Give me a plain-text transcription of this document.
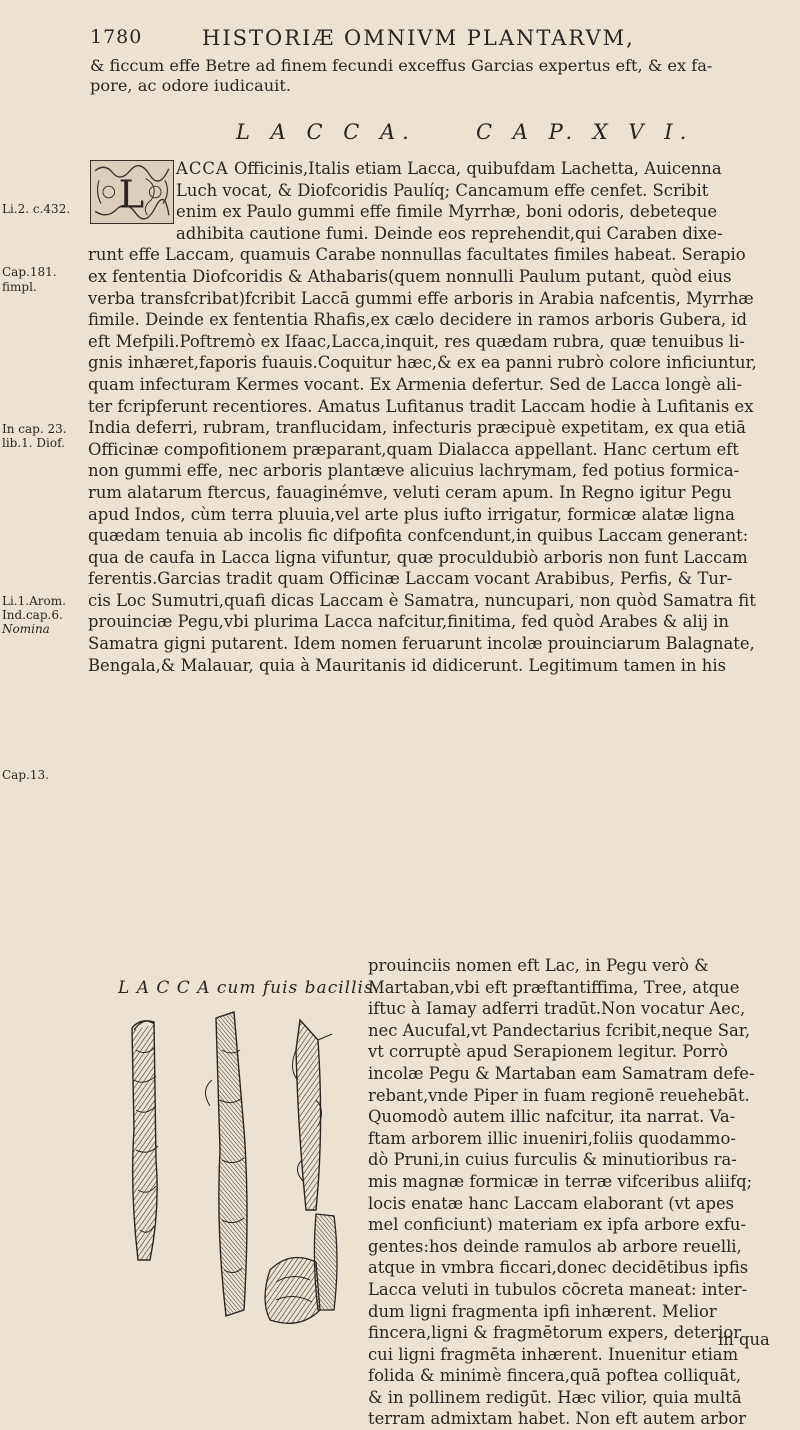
1780	HISTORIÆ OMNIVM PLANTARVM,
& ficcum effe Betre ad finem fecundi exceffus Garcias expertus eft, & ex fa-
pore, ac odore iudicauit.
L A C C A.	C A P. X V I.
L
Li.2. c.432.
Cap.181.
fimpl.
In cap. 23.
lib.1. Diof.
Li.1.Arom.
Ind.cap.6.
Nomina
Cap.13.
ACCA Officinis,Italis etiam Lacca, quibufdam Lachetta, Auicenna
Luch vocat, & Diofcoridis Paulíq; Cancamum effe cenfet. Scribit
enim ex Paulo gummi effe fimile Myrrhæ, boni odoris, debeteque
adhibita cautione fumi. Deinde eos reprehendit,qui Caraben dixe-
runt effe Laccam, quamuis Carabe nonnullas facultates fimiles habeat. Serapio
ex fententia Diofcoridis & Athabaris(quem nonnulli Paulum putant, quòd eius
verba transfcribat)fcribit Laccā gummi effe arboris in Arabia nafcentis, Myrrhæ
fimile. Deinde ex fententia Rhafis,ex cælo decidere in ramos arboris Gubera, id
eft Mefpili.Poftremò ex Ifaac,Lacca,inquit, res quædam rubra, quæ tenuibus li-
gnis inhæret,faporis fuauis.Coquitur hæc,& ex ea panni rubrò colore inficiuntur,
quam infecturam Kermes vocant. Ex Armenia defertur. Sed de Lacca longè ali-
ter fcripferunt recentiores. Amatus Lufitanus tradit Laccam hodie à Lufitanis ex
India deferri, rubram, tranflucidam, infecturis præcipuè expetitam, ex qua etiā
Officinæ compofitionem præparant,quam Dialacca appellant. Hanc certum eft
non gummi effe, nec arboris plantæve alicuius lachrymam, fed potius formica-
rum alatarum ftercus, fauaginémve, veluti ceram apum. In Regno igitur Pegu
apud Indos, cùm terra pluuia,vel arte plus iufto irrigatur, formicæ alatæ ligna
quædam tenuia ab incolis fic difpofita confcendunt,in quibus Laccam generant:
qua de caufa in Lacca ligna vifuntur, quæ proculdubiò arboris non funt Laccam
ferentis.Garcias tradit quam Officinæ Laccam vocant Arabibus, Perfis, & Tur-
cis Loc Sumutri,quafi dicas Laccam è Samatra, nuncupari, non quòd Samatra fit
prouinciæ Pegu,vbi plurima Lacca nafcitur,finitima, fed quòd Arabes & alij in
Samatra gigni putarent. Idem nomen feruarunt incolæ prouinciarum Balagnate,
Bengala,& Malauar, quia à Mauritanis id didicerunt. Legitimum tamen in his
L A C C A cum fuis bacillis.
prouinciis nomen eft Lac, in Pegu verò &
Martaban,vbi eft præftantiffima, Tree, atque
iftuc à Iamay adferri tradūt.Non vocatur Aec,
nec Aucufal,vt Pandectarius fcribit,neque Sar,
vt corruptè apud Serapionem legitur. Porrò
incolæ Pegu & Martaban eam Samatram defe-
rebant,vnde Piper in fuam regionē reuehebāt.
Quomodò autem illic nafcitur, ita narrat. Va-
ftam arborem illic inueniri,foliis quodammo-
dò Pruni,in cuius furculis & minutioribus ra-
mis magnæ formicæ in terræ vifceribus aliifq;
locis enatæ hanc Laccam elaborant (vt apes
mel conficiunt) materiam ex ipfa arbore exfu-
gentes:hos deinde ramulos ab arbore reuelli,
atque in vmbra ficcari,donec decidētibus ipfis
Lacca veluti in tubulos cōcreta maneat: inter-
dum ligni fragmenta ipfi inhærent. Melior
fincera,ligni & fragmētorum expers, deterior
cui ligni fragmēta inhærent. Inuenitur etiam
folida & minimè fincera,quā poftea colliquāt,
& in pollinem redigūt. Hæc vilior, quia multā
terram admixtam habet. Non eft autem arbor
in qua
